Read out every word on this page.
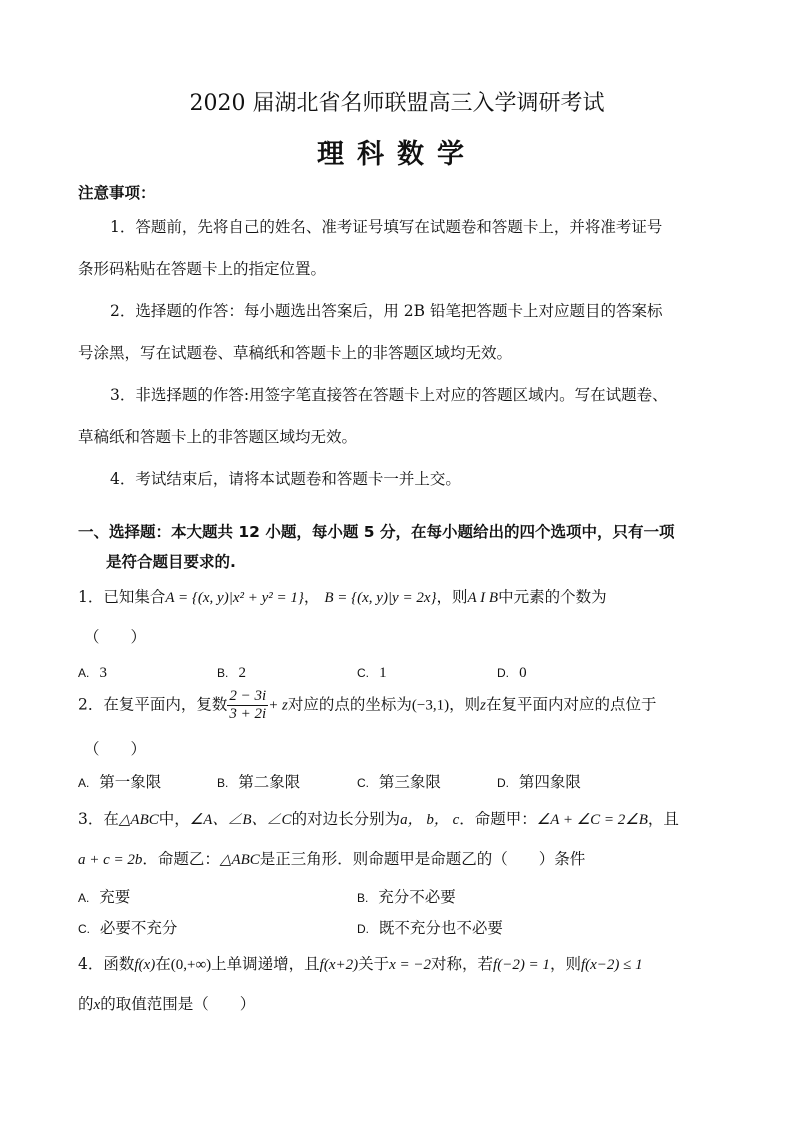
2020 届湖北省名师联盟高三入学调研考试
理科数学
注意事项：
1．答题前，先将自己的姓名、准考证号填写在试题卷和答题卡上，并将准考证号
条形码粘贴在答题卡上的指定位置。
2．选择题的作答：每小题选出答案后，用 2B 铅笔把答题卡上对应题目的答案标
号涂黑，写在试题卷、草稿纸和答题卡上的非答题区域均无效。
3．非选择题的作答:用签字笔直接答在答题卡上对应的答题区域内。写在试题卷、
草稿纸和答题卡上的非答题区域均无效。
4．考试结束后，请将本试题卷和答题卡一并上交。
一、选择题：本大题共 12 小题，每小题 5 分，在每小题给出的四个选项中，只有一项
是符合题目要求的.
1．已知集合A = {(x, y)|x² + y² = 1}， B = {(x, y)|y = 2x}，则A I B中元素的个数为
（　　）
A. 3	B. 2	C. 1	D. 0
2．在复平面内，复数 $\frac{2 - 3i}{3 + 2i} + z$对应的点的坐标为(−3,1)，则z在复平面内对应的点位于
（　　）
A. 第一象限	B. 第二象限	C. 第三象限	D. 第四象限
3．在△ABC中，∠A、∠B、∠C的对边长分别为a， b， c．命题甲：∠A + ∠C = 2∠B，且
a + c = 2b．命题乙：△ABC是正三角形．则命题甲是命题乙的（　　）条件
A. 充要	B. 充分不必要
C. 必要不充分	D. 既不充分也不必要
4．函数f(x)在(0,+∞)上单调递增，且f(x+2)关于x = −2对称，若f(−2) = 1，则f(x−2) ≤ 1
的x的取值范围是（　　）
